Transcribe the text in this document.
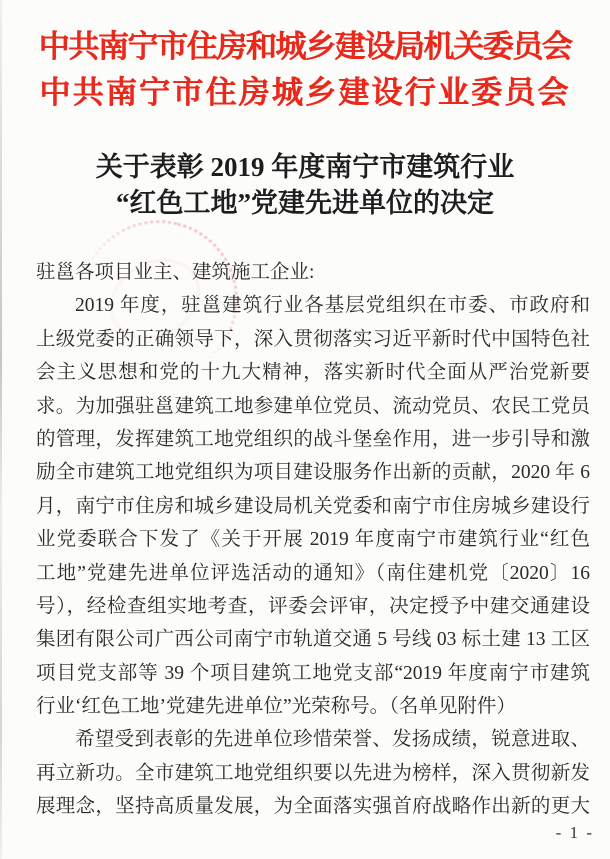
中共南宁市住房和城乡建设局机关委员会
中共南宁市住房城乡建设行业委员会
关于表彰 2019 年度南宁市建筑行业
“红色工地”党建先进单位的决定
驻邕各项目业主、建筑施工企业:
2019 年度，驻邕建筑行业各基层党组织在市委、市政府和
上级党委的正确领导下，深入贯彻落实习近平新时代中国特色社
会主义思想和党的十九大精神，落实新时代全面从严治党新要
求。为加强驻邕建筑工地参建单位党员、流动党员、农民工党员
的管理，发挥建筑工地党组织的战斗堡垒作用，进一步引导和激
励全市建筑工地党组织为项目建设服务作出新的贡献，2020 年 6
月，南宁市住房和城乡建设局机关党委和南宁市住房城乡建设行
业党委联合下发了《关于开展 2019 年度南宁市建筑行业“红色
工地”党建先进单位评选活动的通知》（南住建机党〔2020〕16
号），经检查组实地考查，评委会评审，决定授予中建交通建设
集团有限公司广西公司南宁市轨道交通 5 号线 03 标土建 13 工区
项目党支部等 39 个项目建筑工地党支部“2019 年度南宁市建筑
行业‘红色工地’党建先进单位”光荣称号。（名单见附件）
希望受到表彰的先进单位珍惜荣誉、发扬成绩，锐意进取、
再立新功。全市建筑工地党组织要以先进为榜样，深入贯彻新发
展理念，坚持高质量发展，为全面落实强首府战略作出新的更大
- 1 -
